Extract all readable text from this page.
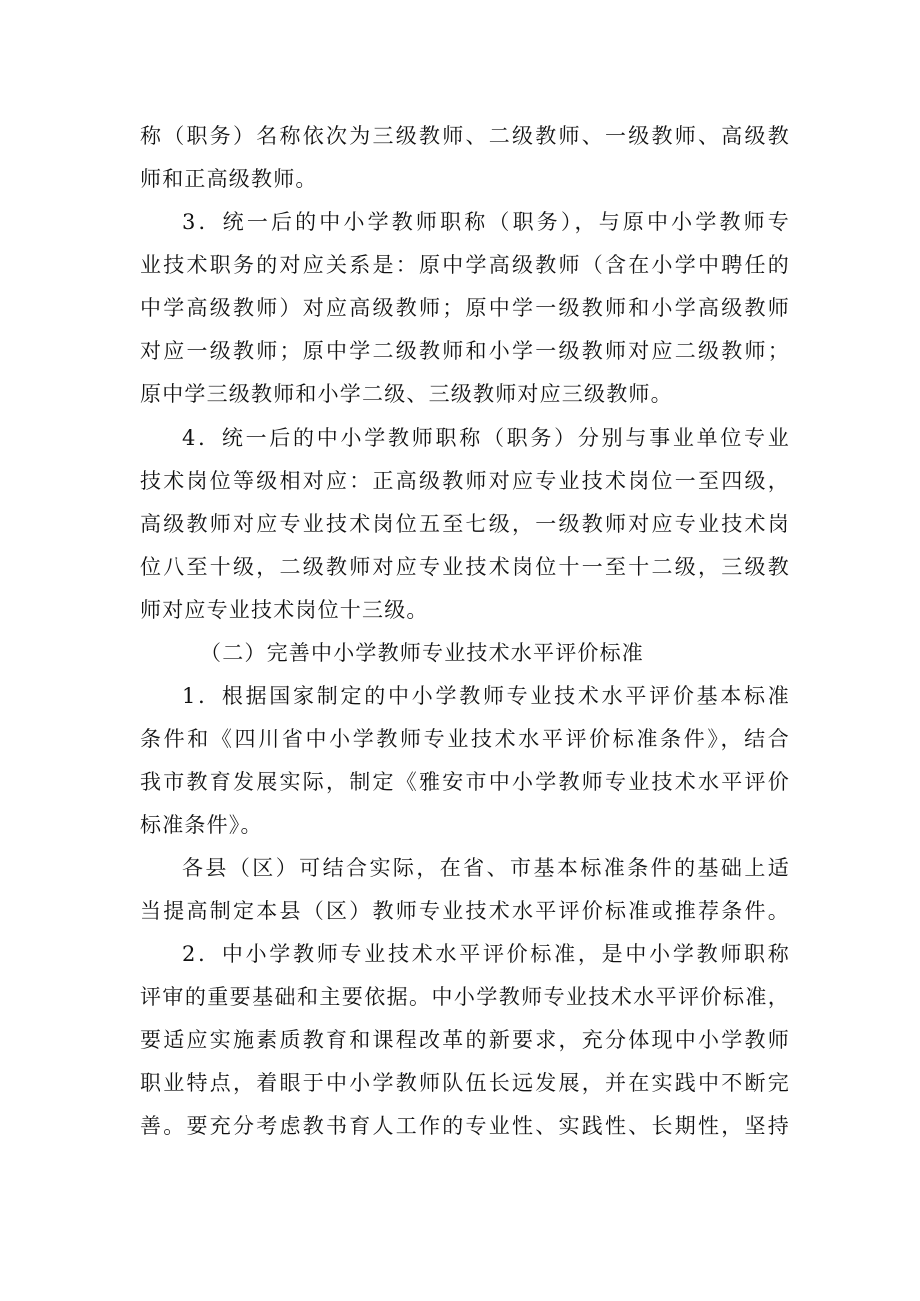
称（职务）名称依次为三级教师、二级教师、一级教师、高级教
师和正高级教师。
3．统一后的中小学教师职称（职务），与原中小学教师专
业技术职务的对应关系是：原中学高级教师（含在小学中聘任的
中学高级教师）对应高级教师；原中学一级教师和小学高级教师
对应一级教师；原中学二级教师和小学一级教师对应二级教师；
原中学三级教师和小学二级、三级教师对应三级教师。
4．统一后的中小学教师职称（职务）分别与事业单位专业
技术岗位等级相对应：正高级教师对应专业技术岗位一至四级，
高级教师对应专业技术岗位五至七级，一级教师对应专业技术岗
位八至十级，二级教师对应专业技术岗位十一至十二级，三级教
师对应专业技术岗位十三级。
（二）完善中小学教师专业技术水平评价标准
1．根据国家制定的中小学教师专业技术水平评价基本标准
条件和《四川省中小学教师专业技术水平评价标准条件》，结合
我市教育发展实际，制定《雅安市中小学教师专业技术水平评价
标准条件》。
各县（区）可结合实际，在省、市基本标准条件的基础上适
当提高制定本县（区）教师专业技术水平评价标准或推荐条件。
2．中小学教师专业技术水平评价标准，是中小学教师职称
评审的重要基础和主要依据。中小学教师专业技术水平评价标准，
要适应实施素质教育和课程改革的新要求，充分体现中小学教师
职业特点，着眼于中小学教师队伍长远发展，并在实践中不断完
善。要充分考虑教书育人工作的专业性、实践性、长期性，坚持
